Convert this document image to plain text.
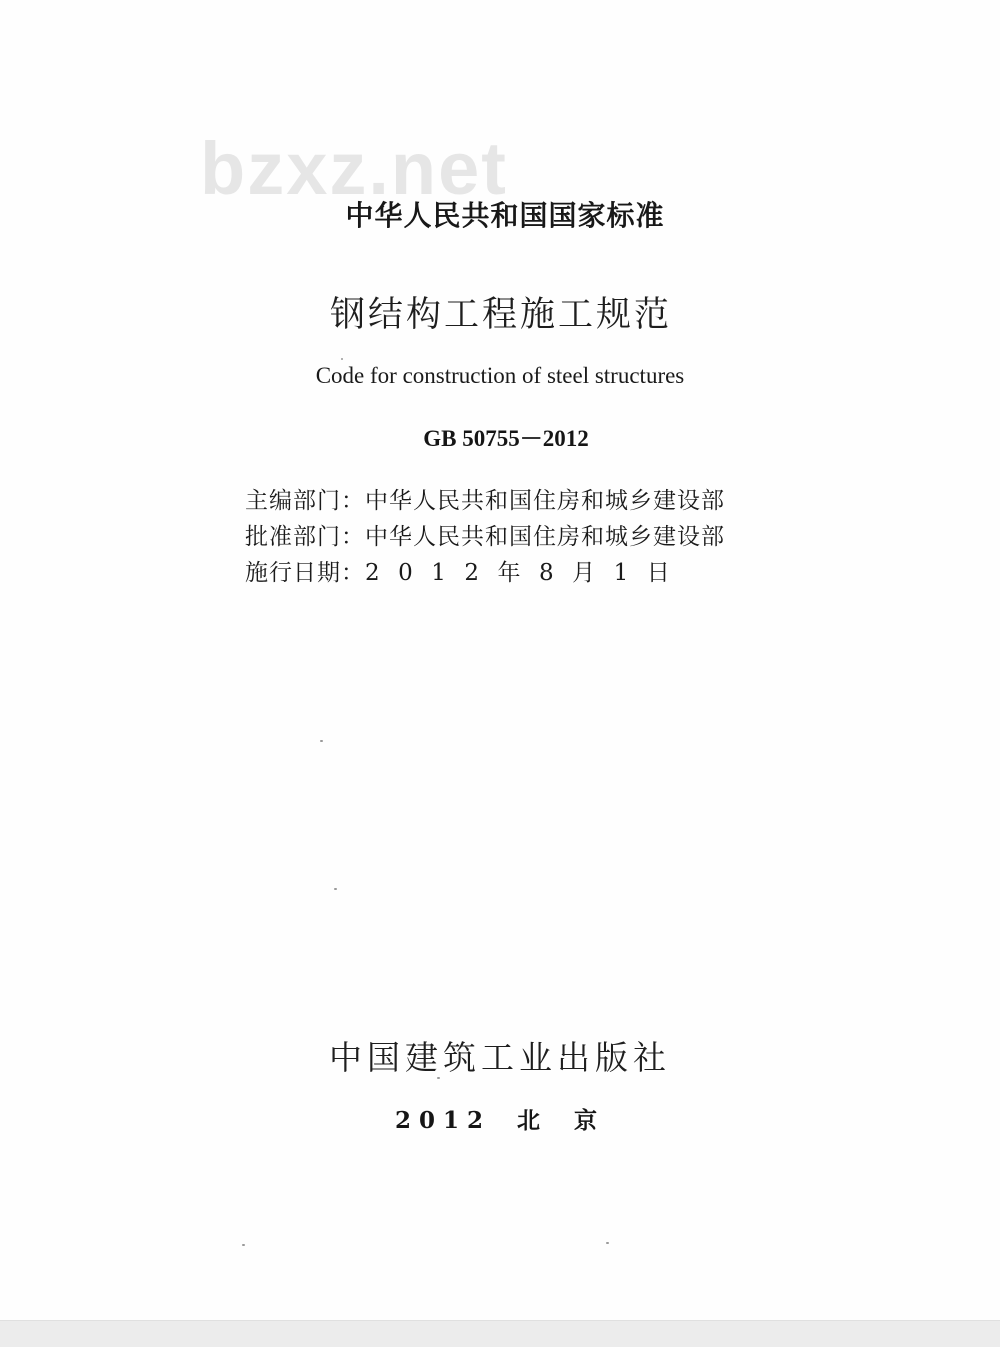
bzxz.net
中华人民共和国国家标准
钢结构工程施工规范
Code for construction of steel structures
GB 50755－2012
主编部门： 中华人民共和国住房和城乡建设部
批准部门： 中华人民共和国住房和城乡建设部
施行日期： 2012年8月1日
中国建筑工业出版社
2012 北 京
